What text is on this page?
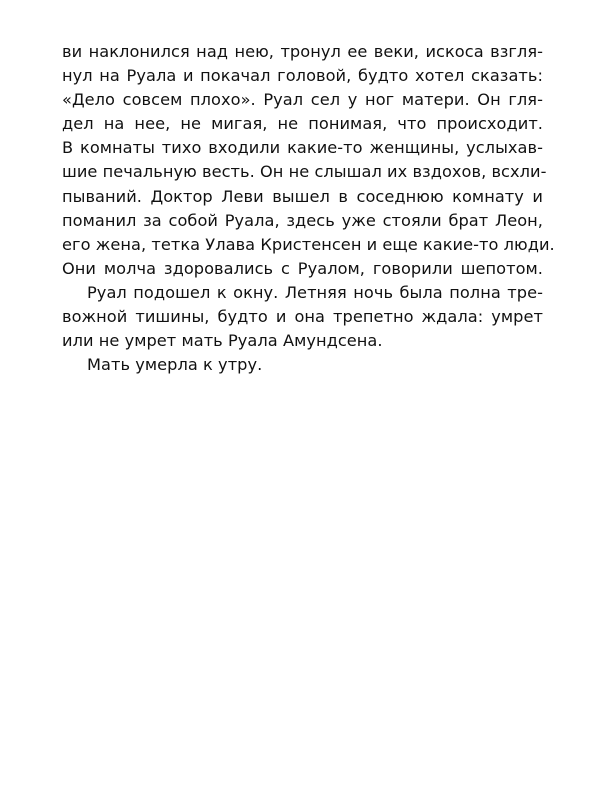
ви наклонился над нею, тронул ее веки, искоса взгля-
нул на Руала и покачал головой, будто хотел сказать:
«Дело совсем плохо». Руал сел у ног матери. Он гля-
дел на нее, не мигая, не понимая, что происходит.
В комнаты тихо входили какие-то женщины, услыхав-
шие печальную весть. Он не слышал их вздохов, всхли-
пываний. Доктор Леви вышел в соседнюю комнату и
поманил за собой Руала, здесь уже стояли брат Леон,
его жена, тетка Улава Кристенсен и еще какие-то люди.
Они молча здоровались с Руалом, говорили шепотом.
Руал подошел к окну. Летняя ночь была полна тре-
вожной тишины, будто и она трепетно ждала: умрет
или не умрет мать Руала Амундсена.
Мать умерла к утру.
